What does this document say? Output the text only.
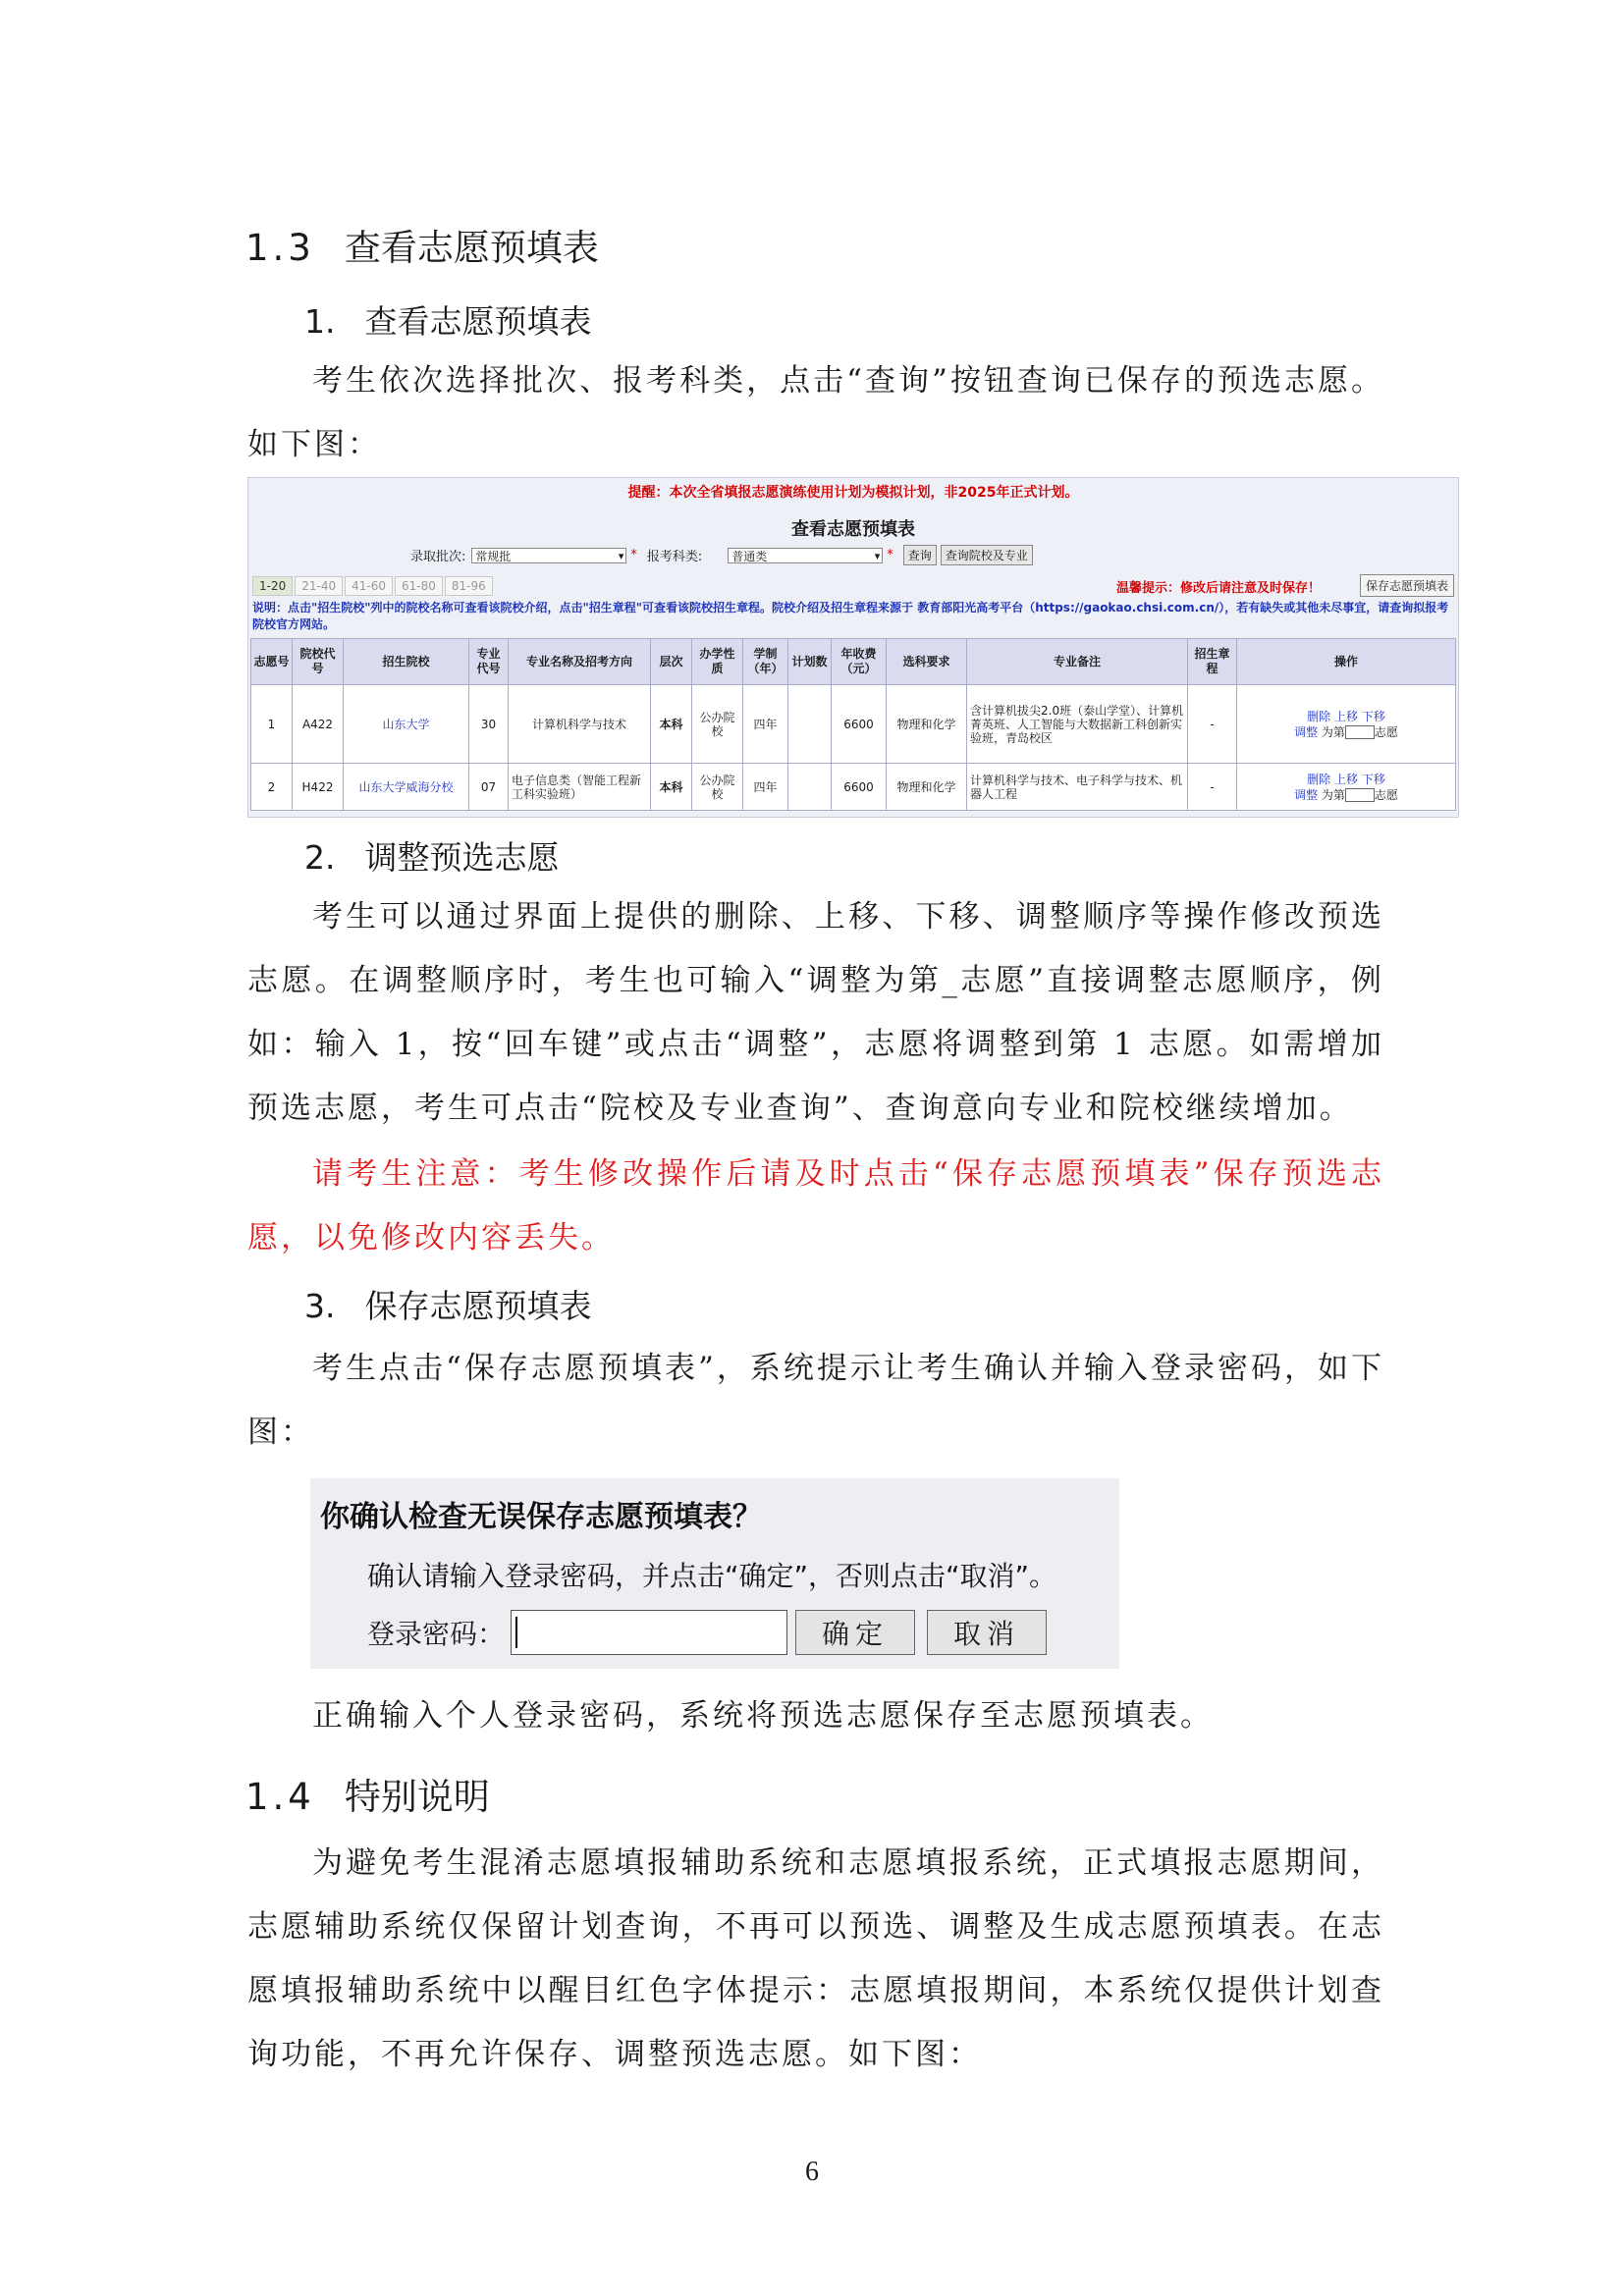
1.3 查看志愿预填表
1. 查看志愿预填表
考生依次选择批次、报考科类，点击“查询”按钮查询已保存的预选志愿。如下图：
提醒：本次全省填报志愿演练使用计划为模拟计划，非2025年正式计划。
查看志愿预填表
录取批次: 常规批 ▾	* 报考科类:	普通类 ▾	*	查询	查询院校及专业
1-20	21-40	41-60	61-80	81-96	温馨提示：修改后请注意及时保存！	保存志愿预填表
说明：点击"招生院校"列中的院校名称可查看该院校介绍，点击"招生章程"可查看该院校招生章程。院校介绍及招生章程来源于 教育部阳光高考平台（https://gaokao.chsi.com.cn/），若有缺失或其他未尽事宜，请查询拟报考院校官方网站。
志愿号	院校代号	招生院校	专业代号	专业名称及招考方向	层次	办学性质	学制（年）	计划数	年收费（元）	选科要求	专业备注	招生章程	操作
1	A422	山东大学	30	计算机科学与技术	本科	公办院校	四年		6600	物理和化学	含计算机拔尖2.0班（泰山学堂）、计算机菁英班、人工智能与大数据新工科创新实验班，青岛校区	-	删除 上移 下移
调整 为第 志愿
2	H422	山东大学威海分校	07	电子信息类（智能工程新工科实验班）	本科	公办院校	四年		6600	物理和化学	计算机科学与技术、电子科学与技术、机器人工程	-	删除 上移 下移
调整 为第 志愿
2. 调整预选志愿
考生可以通过界面上提供的删除、上移、下移、调整顺序等操作修改预选志愿。在调整顺序时，考生也可输入“调整为第_志愿”直接调整志愿顺序，例如：输入 1，按“回车键”或点击“调整”，志愿将调整到第 1 志愿。如需增加预选志愿，考生可点击“院校及专业查询”、查询意向专业和院校继续增加。
请考生注意：考生修改操作后请及时点击“保存志愿预填表”保存预选志愿，以免修改内容丢失。
3. 保存志愿预填表
考生点击“保存志愿预填表”，系统提示让考生确认并输入登录密码，如下图：
你确认检查无误保存志愿预填表？
确认请输入登录密码，并点击“确定”，否则点击“取消”。
登录密码：	确定	取消
正确输入个人登录密码，系统将预选志愿保存至志愿预填表。
1.4 特别说明
为避免考生混淆志愿填报辅助系统和志愿填报系统，正式填报志愿期间，志愿辅助系统仅保留计划查询，不再可以预选、调整及生成志愿预填表。在志愿填报辅助系统中以醒目红色字体提示：志愿填报期间，本系统仅提供计划查询功能，不再允许保存、调整预选志愿。如下图：
6
